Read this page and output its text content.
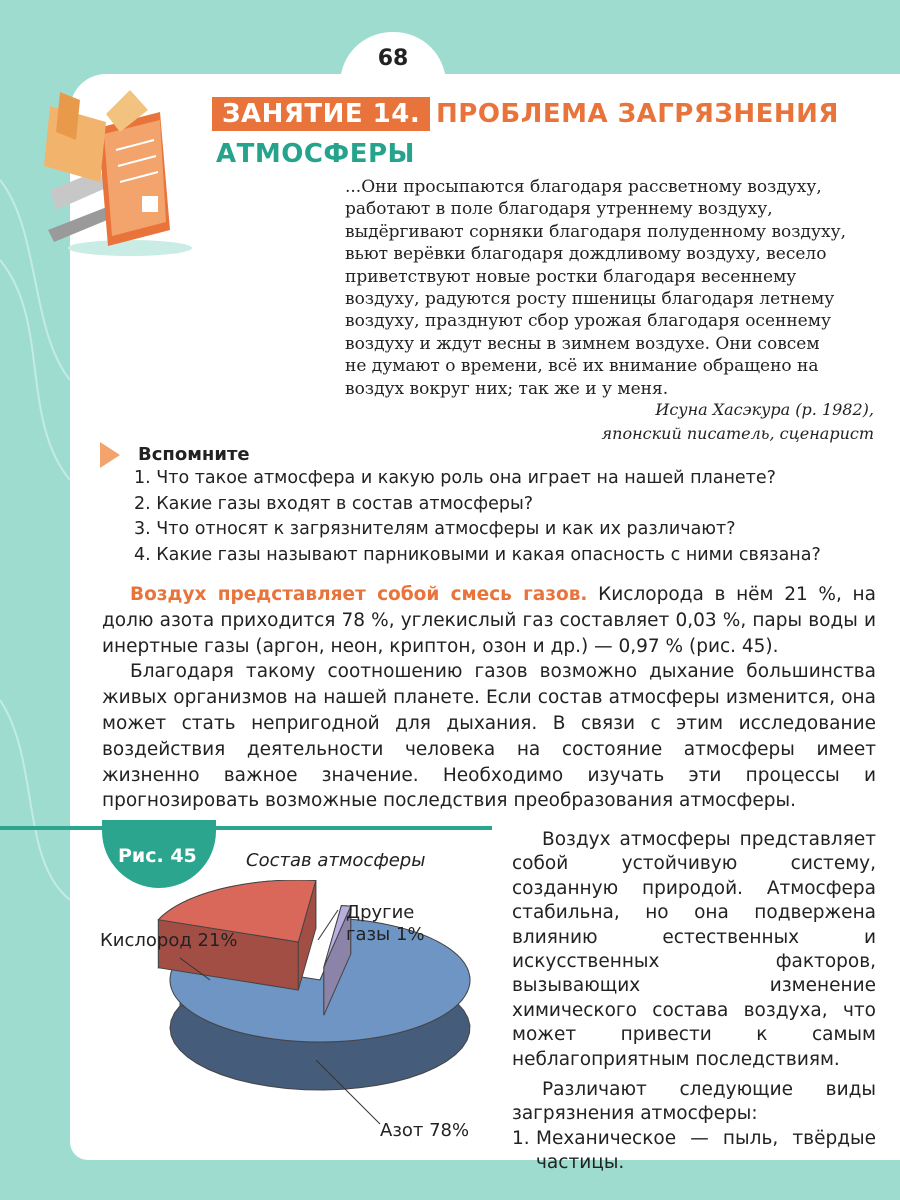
68
ЗАНЯТИЕ 14. ПРОБЛЕМА ЗАГРЯЗНЕНИЯ
АТМОСФЕРЫ
...Они просыпаются благодаря рассветному воздуху,
работают в поле благодаря утреннему воздуху,
выдёргивают сорняки благодаря полуденному воздуху,
вьют верёвки благодаря дождливому воздуху, весело
приветствуют новые ростки благодаря весеннему
воздуху, радуются росту пшеницы благодаря летнему
воздуху, празднуют сбор урожая благодаря осеннему
воздуху и ждут весны в зимнем воздухе. Они совсем
не думают о времени, всё их внимание обращено на
воздух вокруг них; так же и у меня.
Исуна Хасэкура (р. 1982),
японский писатель, сценарист
Вспомните
1. Что такое атмосфера и какую роль она играет на нашей планете?
2. Какие газы входят в состав атмосферы?
3. Что относят к загрязнителям атмосферы и как их различают?
4. Какие газы называют парниковыми и какая опасность с ними связана?

Воздух представляет собой смесь газов. Кислорода в нём 21 %, на долю азота приходится 78 %, углекислый газ составляет 0,03 %, пары воды и инертные газы (аргон, неон, криптон, озон и др.) — 0,97 % (рис. 45).

Благодаря такому соотношению газов возможно дыхание большинства живых организмов на нашей планете. Если состав атмосферы изменится, она может стать непригодной для дыхания. В связи с этим исследование воздействия деятельности человека на состояние атмосферы имеет жизненно важное значение. Необходимо изучать эти процессы и прогнозировать возможные последствия преобразования атмосферы.

Рис. 45	Состав атмосферы
Кислород 21%
Другие газы 1%
Азот 78%

Воздух атмосферы представляет собой устойчивую систему, созданную природой. Атмосфера стабильна, но она подвержена влиянию естественных и искусственных факторов, вызывающих изменение химического состава воздуха, что может привести к самым неблагоприятным последствиям.

Различают следующие виды загрязнения атмосферы:

1. Механическое — пыль, твёрдые частицы.
